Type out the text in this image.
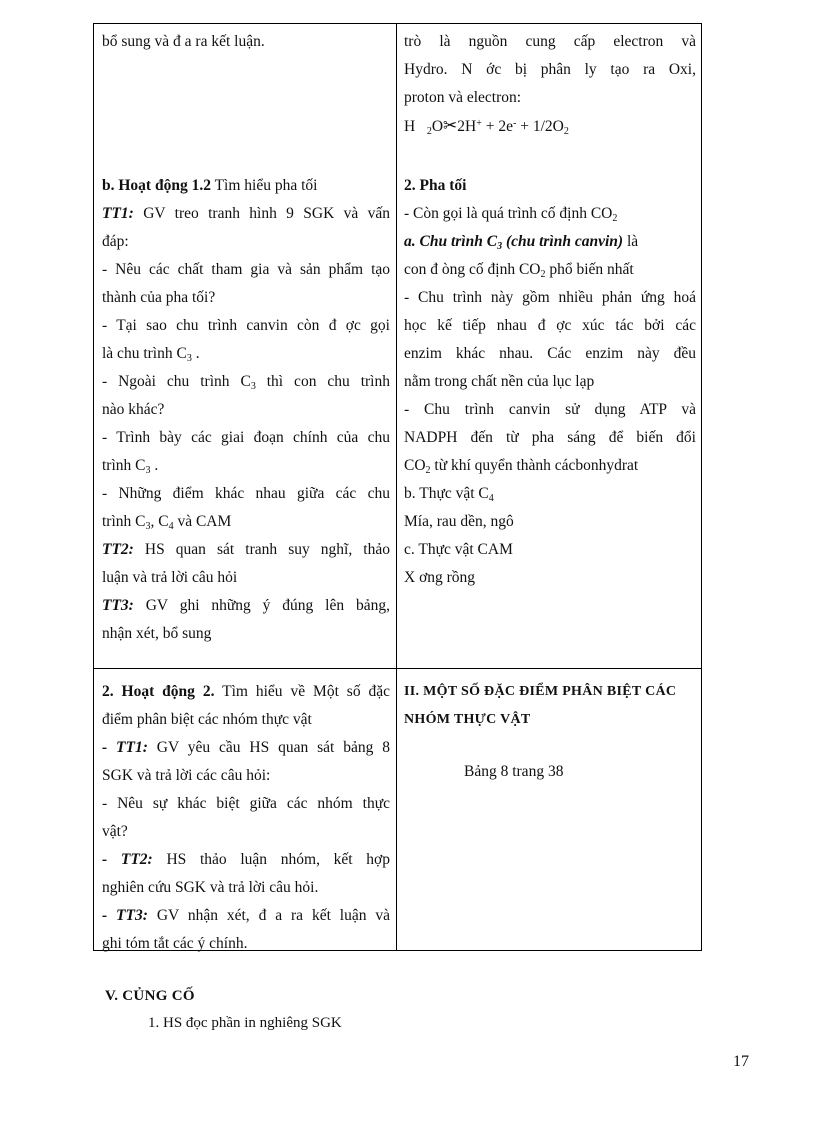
bổ sung và đ a ra kết luận.	trò là nguồn cung cấp electron và
Hydro. N ớc bị phân ly tạo ra Oxi,
proton và electron:
H $_2$O✂2H+ + $2e^- + 1/2O_2$
b. Hoạt động 1.2 Tìm hiểu pha tối
TT1: GV treo tranh hình 9 SGK và vấn
đáp:
- Nêu các chất tham gia và sản phẩm tạo
thành của pha tối?
- Tại sao chu trình canvin còn đ ợc gọi
là chu trình $C_3$ .
- Ngoài chu trình $C_3$ thì con chu trình
nào khác?
- Trình bày các giai đoạn chính của chu
trình $C_3$ .
- Những điểm khác nhau giữa các chu
trình $C_3$, $C_4$ và CAM
TT2: HS quan sát tranh suy nghĩ, thảo
luận và trả lời câu hỏi
TT3: GV ghi những ý đúng lên bảng,
nhận xét, bổ sung
2. Pha tối
- Còn gọi là quá trình cố định $CO_2$
a. Chu trình $C_3$ (chu trình canvin) là
con đ òng cố định $CO_2$ phổ biến nhất
- Chu trình này gồm nhiều phản ứng hoá
học kế tiếp nhau đ ợc xúc tác bởi các
enzim khác nhau. Các enzim này đều
nằm trong chất nền của lục lạp
- Chu trình canvin sử dụng ATP và
NADPH đến từ pha sáng để biến đổi
$CO_2$ từ khí quyển thành cácbonhydrat
b. Thực vật $C_4$
Mía, rau dền, ngô
c. Thực vật CAM
X ơng rồng
2. Hoạt động 2. Tìm hiểu về Một số đặc
điểm phân biệt các nhóm thực vật
- TT1: GV yêu cầu HS quan sát bảng 8
SGK và trả lời các câu hỏi:
- Nêu sự khác biệt giữa các nhóm thực
vật?
- TT2: HS thảo luận nhóm, kết hợp
nghiên cứu SGK và trả lời câu hỏi.
- TT3: GV nhận xét, đ a ra kết luận và
ghi tóm tắt các ý chính.
II. MỘT SỐ ĐẶC ĐIỂM PHÂN BIỆT CÁC
NHÓM THỰC VẬT
Bảng 8 trang 38
V. CỦNG CỐ
1. HS đọc phần in nghiêng SGK
17
